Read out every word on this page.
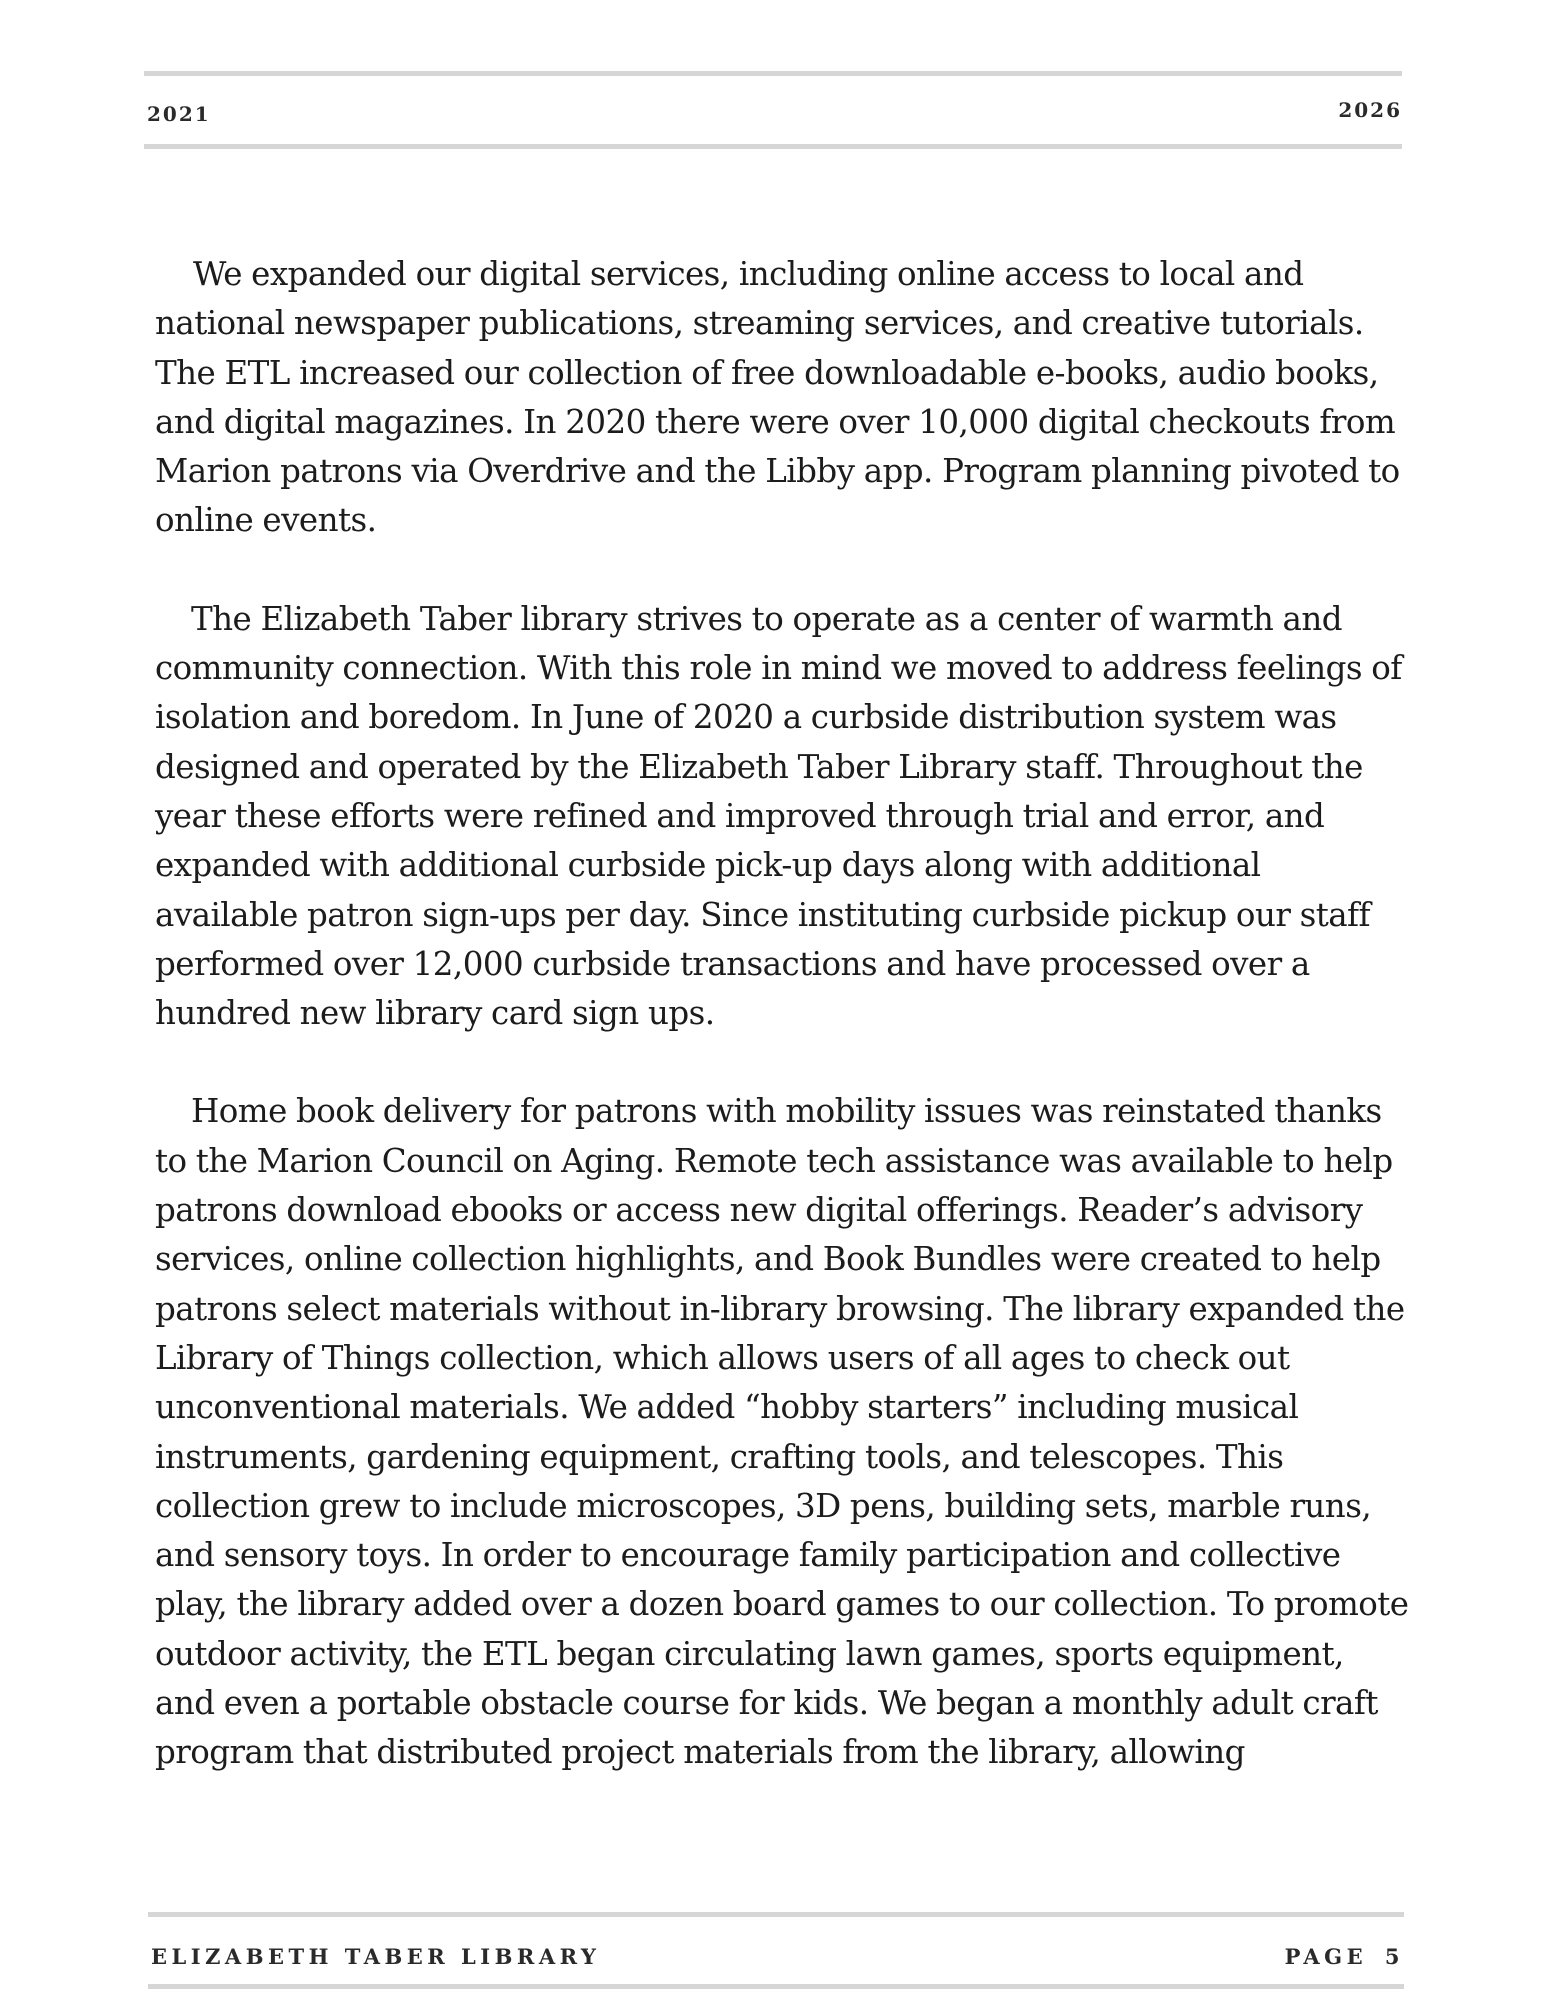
2021	2026

We expanded our digital services, including online access to local and national newspaper publications, streaming services, and creative tutorials. The ETL increased our collection of free downloadable e-books, audio books, and digital magazines. In 2020 there were over 10,000 digital checkouts from Marion patrons via Overdrive and the Libby app. Program planning pivoted to online events.

The Elizabeth Taber library strives to operate as a center of warmth and community connection. With this role in mind we moved to address feelings of isolation and boredom. In June of 2020 a curbside distribution system was designed and operated by the Elizabeth Taber Library staff. Throughout the year these efforts were refined and improved through trial and error, and expanded with additional curbside pick-up days along with additional available patron sign-ups per day. Since instituting curbside pickup our staff performed over 12,000 curbside transactions and have processed over a hundred new library card sign ups.

Home book delivery for patrons with mobility issues was reinstated thanks to the Marion Council on Aging. Remote tech assistance was available to help patrons download ebooks or access new digital offerings. Reader’s advisory services, online collection highlights, and Book Bundles were created to help patrons select materials without in-library browsing. The library expanded the Library of Things collection, which allows users of all ages to check out unconventional materials. We added “hobby starters” including musical instruments, gardening equipment, crafting tools, and telescopes. This collection grew to include microscopes, 3D pens, building sets, marble runs, and sensory toys. In order to encourage family participation and collective play, the library added over a dozen board games to our collection. To promote outdoor activity, the ETL began circulating lawn games, sports equipment, and even a portable obstacle course for kids. We began a monthly adult craft program that distributed project materials from the library, allowing

ELIZABETH TABER LIBRARY	PAGE 5
